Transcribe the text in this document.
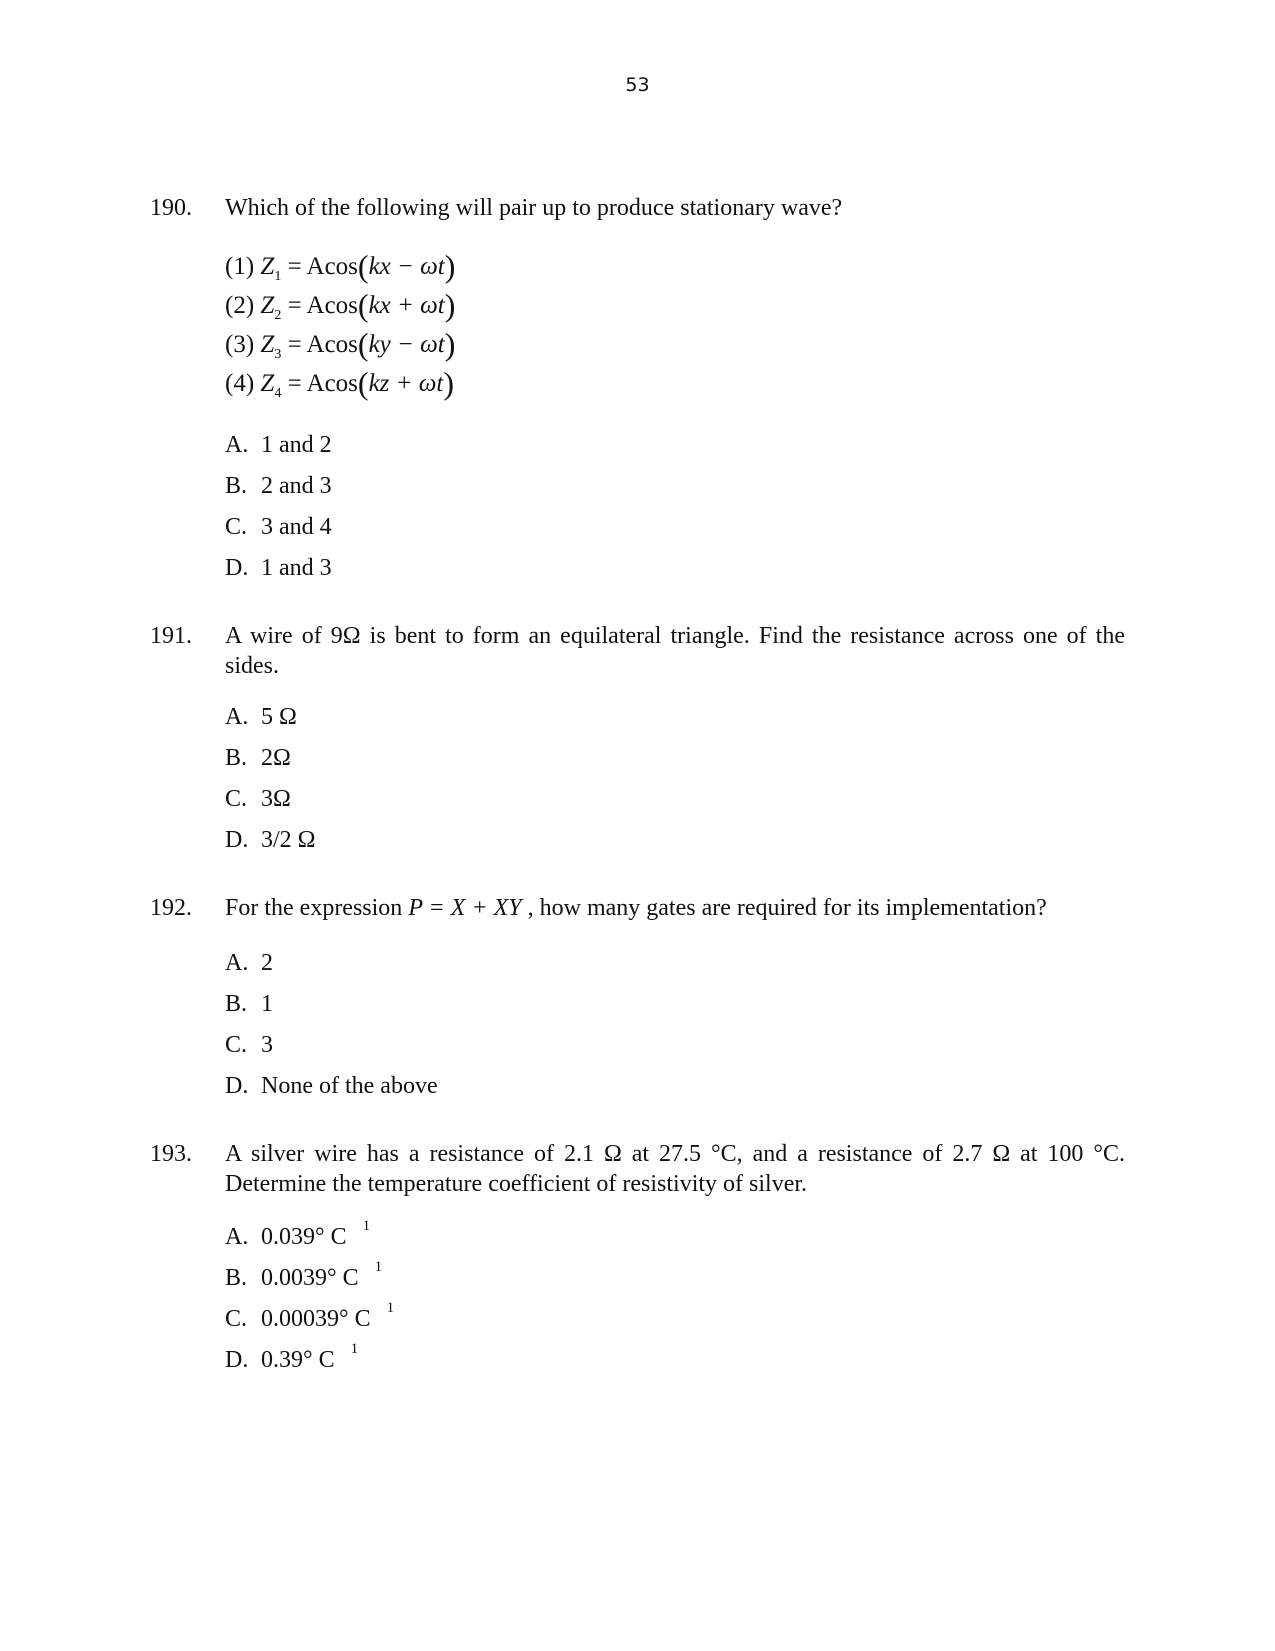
53
190. Which of the following will pair up to produce stationary wave?
(1) $Z_1 = Acos(kx - \omega t)$
(2) $Z_2 = Acos(kx + \omega t)$
(3) $Z_3 = Acos(ky - \omega t)$
(4) $Z_4 = Acos(kz + \omega t)$
A. 1 and 2
B. 2 and 3
C. 3 and 4
D. 1 and 3
191. A wire of 9Ω is bent to form an equilateral triangle. Find the resistance across one of the sides.
A. 5 Ω
B. 2Ω
C. 3Ω
D. 3/2 Ω
192. For the expression P = X + XY , how many gates are required for its implementation?
A. 2
B. 1
C. 3
D. None of the above
193. A silver wire has a resistance of 2.1 Ω at 27.5 °C, and a resistance of 2.7 Ω at 100 °C. Determine the temperature coefficient of resistivity of silver.
A. 0.039° C $^1$
B. 0.0039° C $^1$
C. 0.00039° C $^1$
D. 0.39° C $^1$
